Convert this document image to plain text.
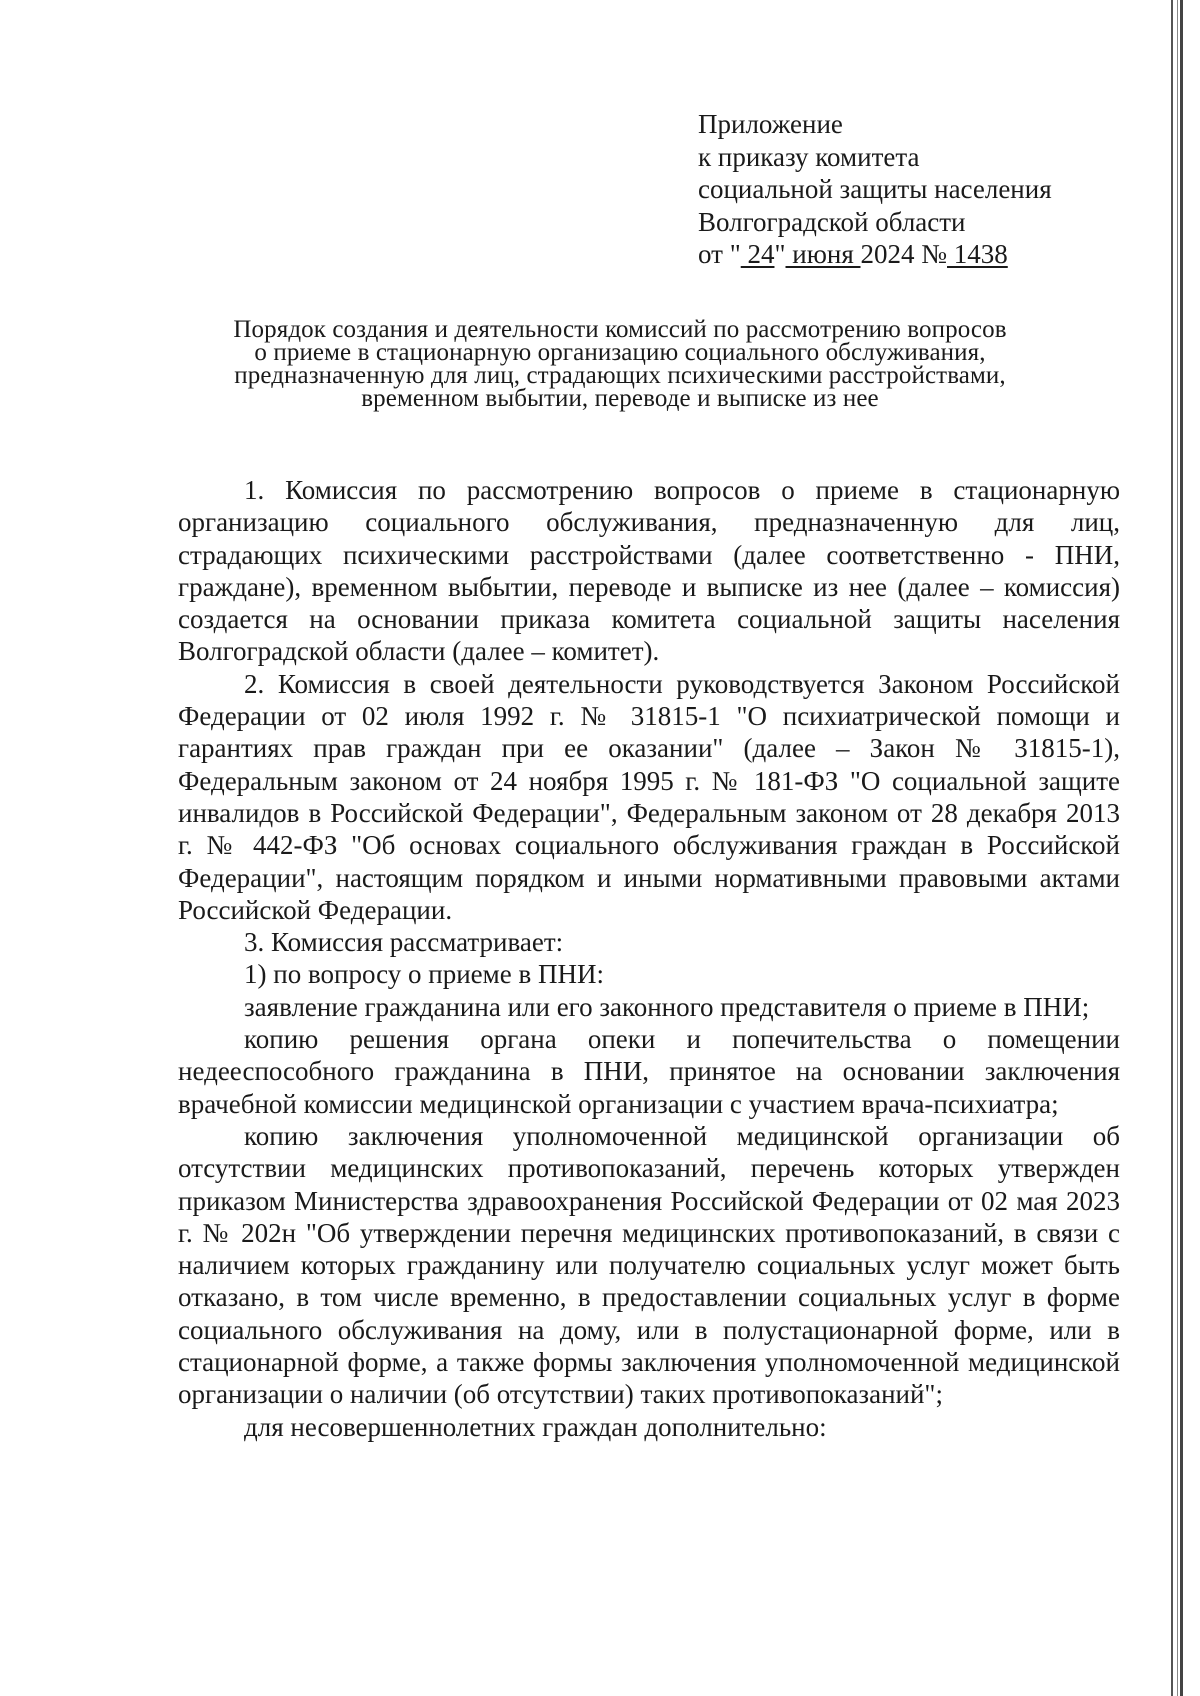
Приложение
к приказу комитета
социальной защиты населения
Волгоградской области
от " 24" июня 2024 № 1438
Порядок создания и деятельности комиссий по рассмотрению вопросов
о приеме в стационарную организацию социального обслуживания,
предназначенную для лиц, страдающих психическими расстройствами,
временном выбытии, переводе и выписке из нее

1. Комиссия по рассмотрению вопросов о приеме в стационарную организацию социального обслуживания, предназначенную для лиц, страдающих психическими расстройствами (далее соответственно - ПНИ, граждане), временном выбытии, переводе и выписке из нее (далее – комиссия) создается на основании приказа комитета социальной защиты населения Волгоградской области (далее – комитет).

2. Комиссия в своей деятельности руководствуется Законом Российской Федерации от 02 июля 1992 г. № 31815-1 "О психиатрической помощи и гарантиях прав граждан при ее оказании" (далее – Закон № 31815-1), Федеральным законом от 24 ноября 1995 г. № 181-ФЗ "О социальной защите инвалидов в Российской Федерации", Федеральным законом от 28 декабря 2013 г. № 442-ФЗ "Об основах социального обслуживания граждан в Российской Федерации", настоящим порядком и иными нормативными правовыми актами Российской Федерации.

3. Комиссия рассматривает:

1) по вопросу о приеме в ПНИ:

заявление гражданина или его законного представителя о приеме в ПНИ;

копию решения органа опеки и попечительства о помещении недееспособного гражданина в ПНИ, принятое на основании заключения врачебной комиссии медицинской организации с участием врача-психиатра;

копию заключения уполномоченной медицинской организации об отсутствии медицинских противопоказаний, перечень которых утвержден приказом Министерства здравоохранения Российской Федерации от 02 мая 2023 г. № 202н "Об утверждении перечня медицинских противопоказаний, в связи с наличием которых гражданину или получателю социальных услуг может быть отказано, в том числе временно, в предоставлении социальных услуг в форме социального обслуживания на дому, или в полустационарной форме, или в стационарной форме, а также формы заключения уполномоченной медицинской организации о наличии (об отсутствии) таких противопоказаний";

для несовершеннолетних граждан дополнительно:
